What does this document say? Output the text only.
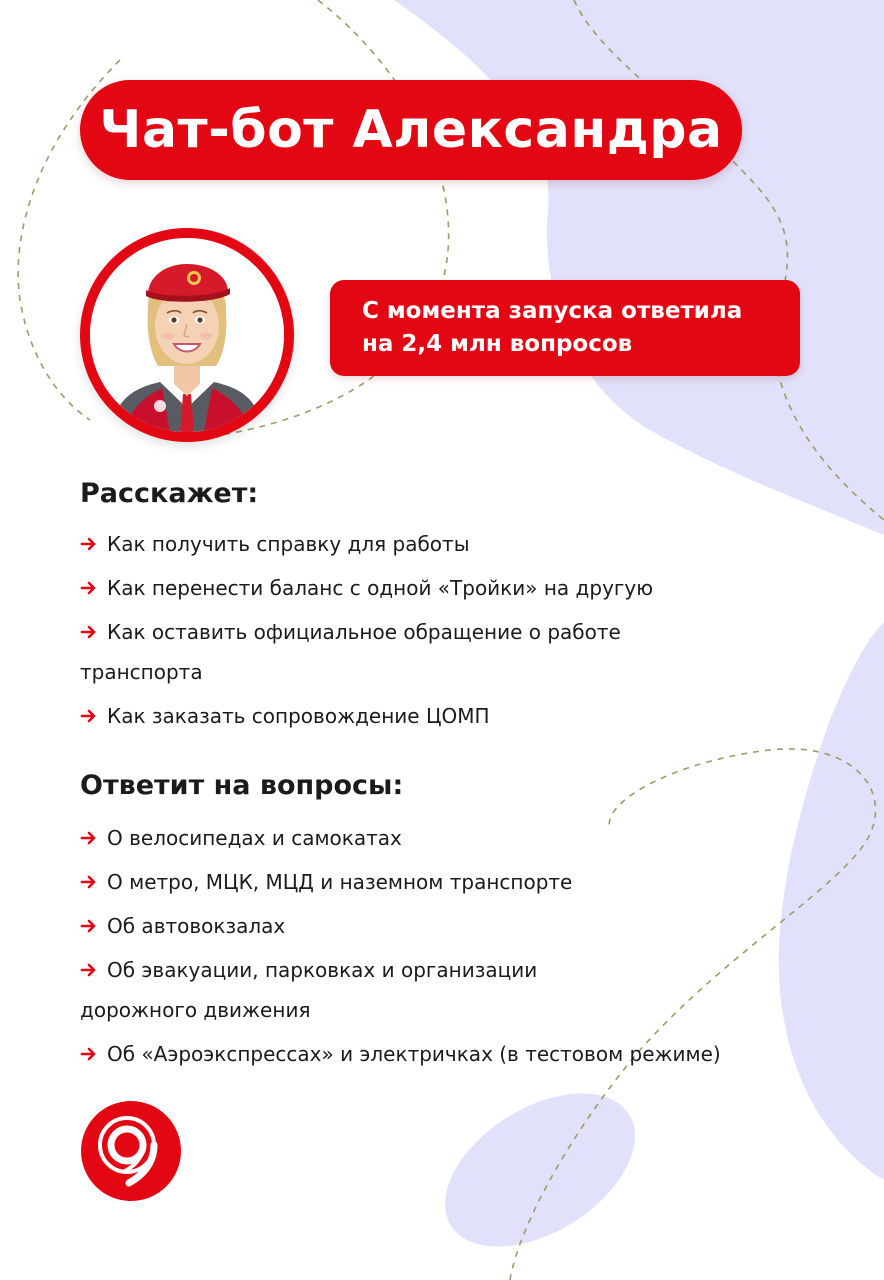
Чат-бот Александра

С момента запуска ответила
на 2,4 млн вопросов

Расскажет:
Как получить справку для работы
Как перенести баланс с одной «Тройки» на другую
Как оставить официальное обращение о работе транспорта
Как заказать сопровождение ЦОМП
Ответит на вопросы:
О велосипедах и самокатах
О метро, МЦК, МЦД и наземном транспорте
Об автовокзалах
Об эвакуации, парковках и организации дорожного движения
Об «Аэроэкспрессах» и электричках (в тестовом режиме)
